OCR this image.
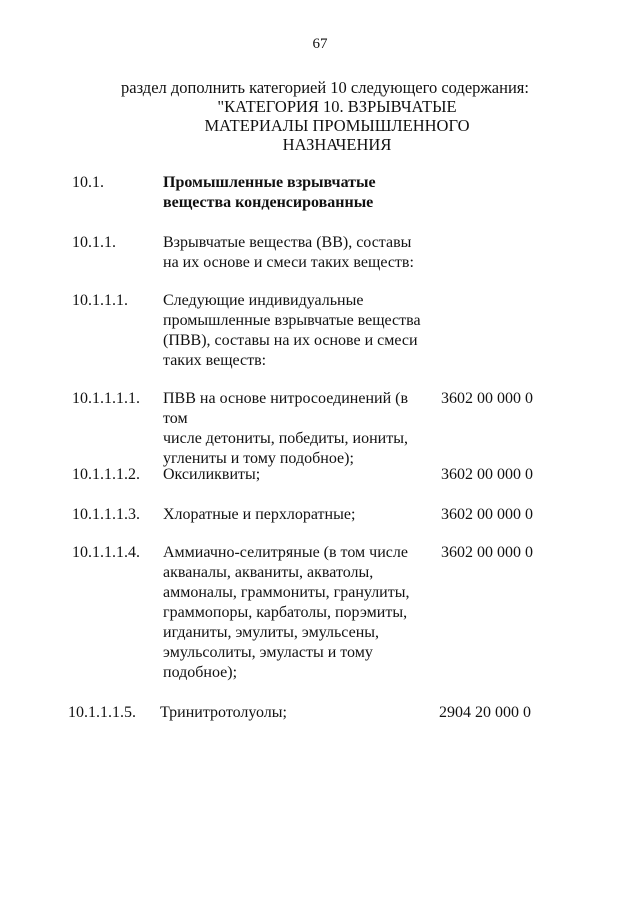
67
раздел дополнить категорией 10 следующего содержания:
"КАТЕГОРИЯ 10. ВЗРЫВЧАТЫЕ
МАТЕРИАЛЫ ПРОМЫШЛЕННОГО
НАЗНАЧЕНИЯ
10.1.	Промышленные взрывчатые
вещества конденсированные
10.1.1.	Взрывчатые вещества (ВВ), составы
на их основе и смеси таких веществ:
10.1.1.1. Следующие индивидуальные
промышленные взрывчатые вещества
(ПВВ), составы на их основе и смеси
таких веществ:
10.1.1.1.1. ПВВ на основе нитросоединений (в том
числе детониты, победиты, иониты,
углениты и тому подобное);
3602 00 000 0
10.1.1.1.2. Оксиликвиты;	3602 00 000 0
10.1.1.1.3. Хлоратные и перхлоратные;	3602 00 000 0
10.1.1.1.4. Аммиачно-селитряные (в том числе
акваналы, акваниты, акватолы,
аммоналы, граммониты, гранулиты,
граммопоры, карбатолы, порэмиты,
игданиты, эмулиты, эмульсены,
эмульсолиты, эмуласты и тому
подобное);
3602 00 000 0
10.1.1.1.5. Тринитротолуолы;	2904 20 000 0
